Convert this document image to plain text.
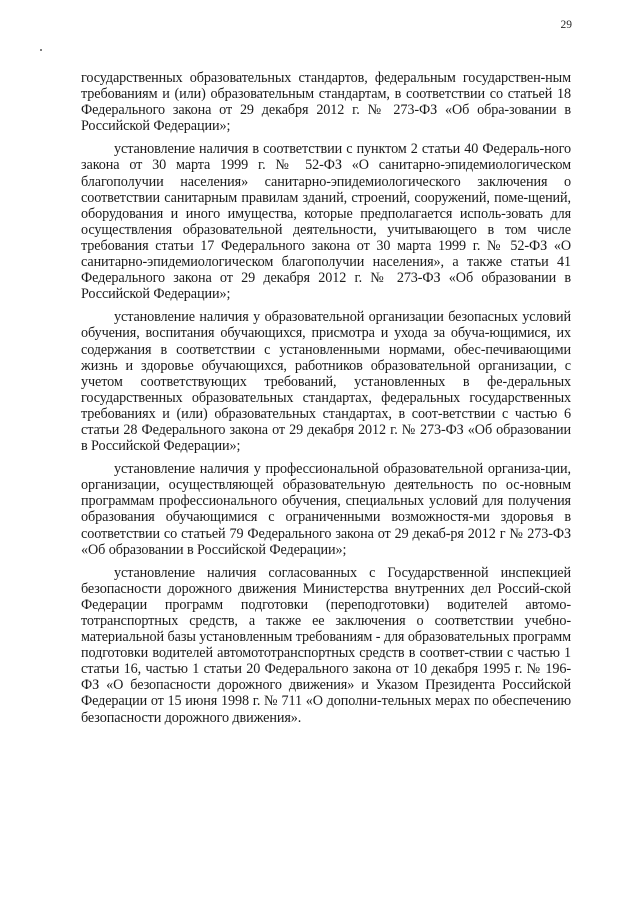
29

государственных образовательных стандартов, федеральным государствен-ным требованиям и (или) образовательным стандартам, в соответствии со статьей 18 Федерального закона от 29 декабря 2012 г. № 273-ФЗ «Об обра-зовании в Российской Федерации»;

установление наличия в соответствии с пунктом 2 статьи 40 Федераль-ного закона от 30 марта 1999 г. № 52-ФЗ «О санитарно-эпидемиологическом благополучии населения» санитарно-эпидемиологического заключения о соответствии санитарным правилам зданий, строений, сооружений, поме-щений, оборудования и иного имущества, которые предполагается исполь-зовать для осуществления образовательной деятельности, учитывающего в том числе требования статьи 17 Федерального закона от 30 марта 1999 г. № 52-ФЗ «О санитарно-эпидемиологическом благополучии населения», а также статьи 41 Федерального закона от 29 декабря 2012 г. № 273-ФЗ «Об образовании в Российской Федерации»;

установление наличия у образовательной организации безопасных условий обучения, воспитания обучающихся, присмотра и ухода за обуча-ющимися, их содержания в соответствии с установленными нормами, обес-печивающими жизнь и здоровье обучающихся, работников образовательной организации, с учетом соответствующих требований, установленных в фе-деральных государственных образовательных стандартах, федеральных государственных требованиях и (или) образовательных стандартах, в соот-ветствии с частью 6 статьи 28 Федерального закона от 29 декабря 2012 г. № 273-ФЗ «Об образовании в Российской Федерации»;

установление наличия у профессиональной образовательной организа-ции, организации, осуществляющей образовательную деятельность по ос-новным программам профессионального обучения, специальных условий для получения образования обучающимися с ограниченными возможностя-ми здоровья в соответствии со статьей 79 Федерального закона от 29 декаб-ря 2012 г № 273-ФЗ «Об образовании в Российской Федерации»;

установление наличия согласованных с Государственной инспекцией безопасности дорожного движения Министерства внутренних дел Россий-ской Федерации программ подготовки (переподготовки) водителей автомо-тотранспортных средств, а также ее заключения о соответствии учебно-материальной базы установленным требованиям - для образовательных программ подготовки водителей автомототранспортных средств в соответ-ствии с частью 1 статьи 16, частью 1 статьи 20 Федерального закона от 10 декабря 1995 г. № 196-ФЗ «О безопасности дорожного движения» и Указом Президента Российской Федерации от 15 июня 1998 г. № 711 «О дополни-тельных мерах по обеспечению безопасности дорожного движения».
